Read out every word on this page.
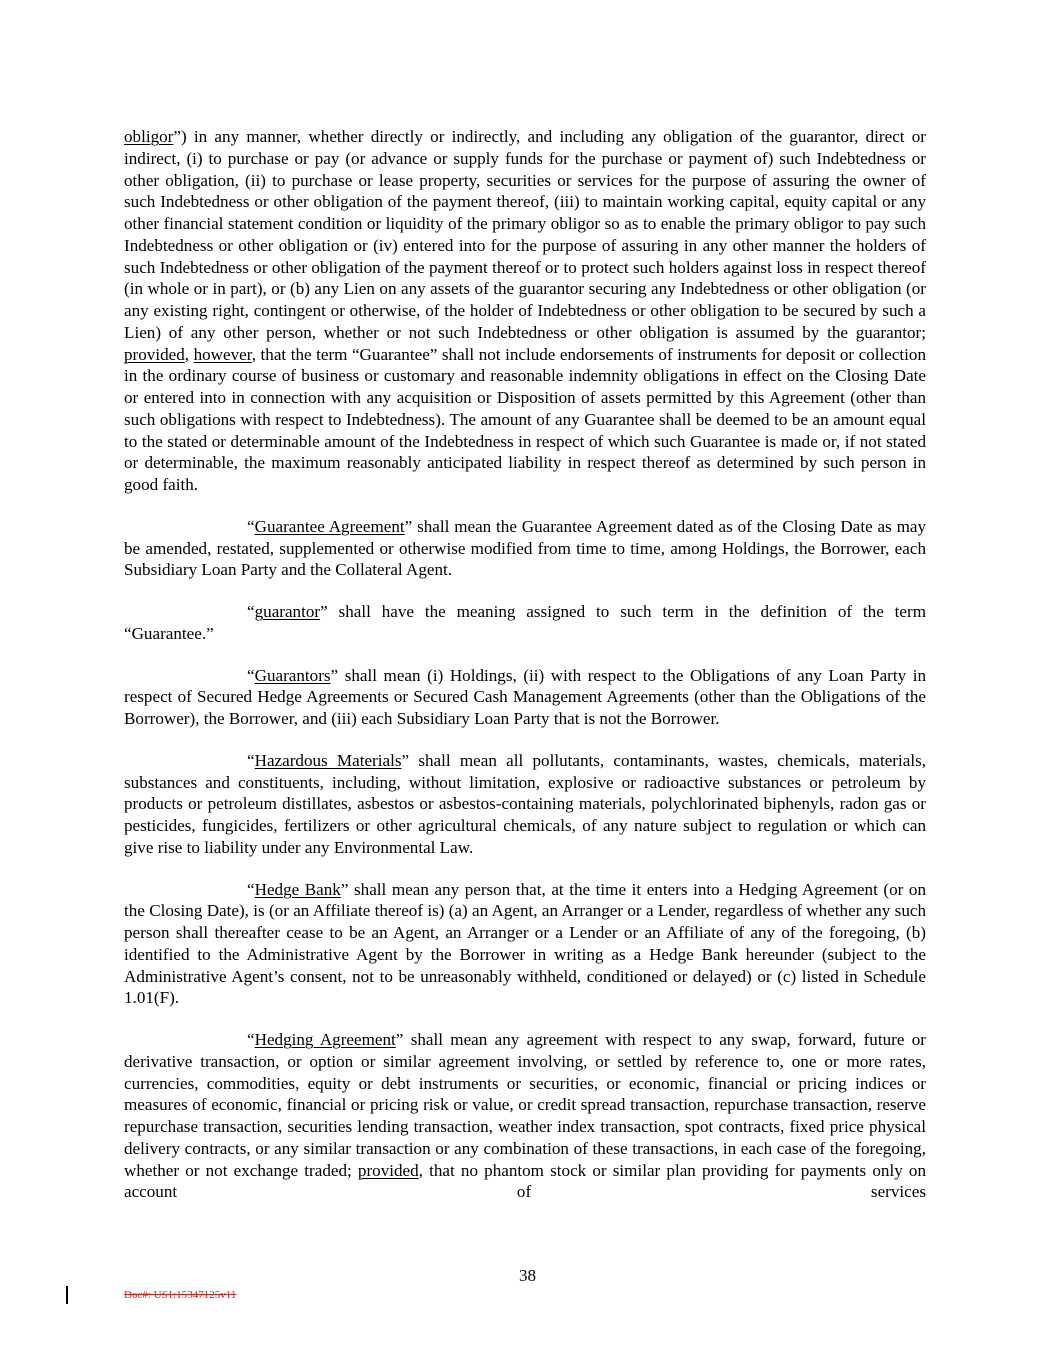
obligor”) in any manner, whether directly or indirectly, and including any obligation of the guarantor, direct or indirect, (i) to purchase or pay (or advance or supply funds for the purchase or payment of) such Indebtedness or other obligation, (ii) to purchase or lease property, securities or services for the purpose of assuring the owner of such Indebtedness or other obligation of the payment thereof, (iii) to maintain working capital, equity capital or any other financial statement condition or liquidity of the primary obligor so as to enable the primary obligor to pay such Indebtedness or other obligation or (iv) entered into for the purpose of assuring in any other manner the holders of such Indebtedness or other obligation of the payment thereof or to protect such holders against loss in respect thereof (in whole or in part), or (b) any Lien on any assets of the guarantor securing any Indebtedness or other obligation (or any existing right, contingent or otherwise, of the holder of Indebtedness or other obligation to be secured by such a Lien) of any other person, whether or not such Indebtedness or other obligation is assumed by the guarantor; provided, however, that the term “Guarantee” shall not include endorsements of instruments for deposit or collection in the ordinary course of business or customary and reasonable indemnity obligations in effect on the Closing Date or entered into in connection with any acquisition or Disposition of assets permitted by this Agreement (other than such obligations with respect to Indebtedness). The amount of any Guarantee shall be deemed to be an amount equal to the stated or determinable amount of the Indebtedness in respect of which such Guarantee is made or, if not stated or determinable, the maximum reasonably anticipated liability in respect thereof as determined by such person in good faith.

“Guarantee Agreement” shall mean the Guarantee Agreement dated as of the Closing Date as may be amended, restated, supplemented or otherwise modified from time to time, among Holdings, the Borrower, each Subsidiary Loan Party and the Collateral Agent.

“guarantor” shall have the meaning assigned to such term in the definition of the term “Guarantee.”

“Guarantors” shall mean (i) Holdings, (ii) with respect to the Obligations of any Loan Party in respect of Secured Hedge Agreements or Secured Cash Management Agreements (other than the Obligations of the Borrower), the Borrower, and (iii) each Subsidiary Loan Party that is not the Borrower.

“Hazardous Materials” shall mean all pollutants, contaminants, wastes, chemicals, materials, substances and constituents, including, without limitation, explosive or radioactive substances or petroleum by products or petroleum distillates, asbestos or asbestos-containing materials, polychlorinated biphenyls, radon gas or pesticides, fungicides, fertilizers or other agricultural chemicals, of any nature subject to regulation or which can give rise to liability under any Environmental Law.

“Hedge Bank” shall mean any person that, at the time it enters into a Hedging Agreement (or on the Closing Date), is (or an Affiliate thereof is) (a) an Agent, an Arranger or a Lender, regardless of whether any such person shall thereafter cease to be an Agent, an Arranger or a Lender or an Affiliate of any of the foregoing, (b) identified to the Administrative Agent by the Borrower in writing as a Hedge Bank hereunder (subject to the Administrative Agent’s consent, not to be unreasonably withheld, conditioned or delayed) or (c) listed in Schedule 1.01(F).

“Hedging Agreement” shall mean any agreement with respect to any swap, forward, future or derivative transaction, or option or similar agreement involving, or settled by reference to, one or more rates, currencies, commodities, equity or debt instruments or securities, or economic, financial or pricing indices or measures of economic, financial or pricing risk or value, or credit spread transaction, repurchase transaction, reserve repurchase transaction, securities lending transaction, weather index transaction, spot contracts, fixed price physical delivery contracts, or any similar transaction or any combination of these transactions, in each case of the foregoing, whether or not exchange traded; provided, that no phantom stock or similar plan providing for payments only on account of services

38
Doc#: US1:15347125v11
